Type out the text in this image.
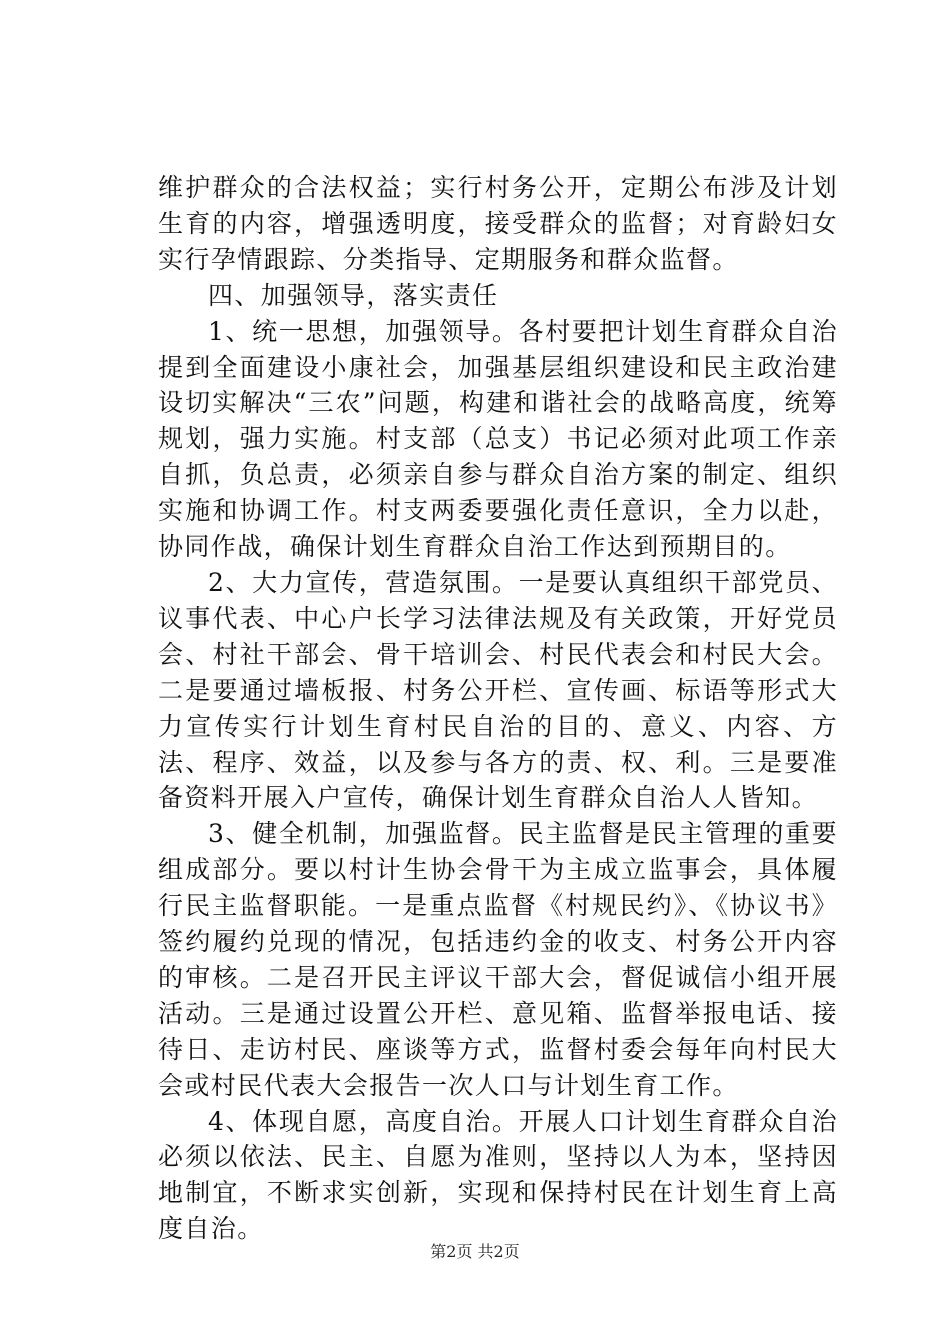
维护群众的合法权益；实行村务公开，定期公布涉及计划生育的内容，增强透明度，接受群众的监督；对育龄妇女实行孕情跟踪、分类指导、定期服务和群众监督。

四、加强领导，落实责任

1、统一思想，加强领导。各村要把计划生育群众自治提到全面建设小康社会，加强基层组织建设和民主政治建设切实解决“三农”问题，构建和谐社会的战略高度，统筹规划，强力实施。村支部（总支）书记必须对此项工作亲自抓，负总责，必须亲自参与群众自治方案的制定、组织实施和协调工作。村支两委要强化责任意识，全力以赴，协同作战，确保计划生育群众自治工作达到预期目的。

2、大力宣传，营造氛围。一是要认真组织干部党员、议事代表、中心户长学习法律法规及有关政策，开好党员会、村社干部会、骨干培训会、村民代表会和村民大会。二是要通过墙板报、村务公开栏、宣传画、标语等形式大力宣传实行计划生育村民自治的目的、意义、内容、方法、程序、效益，以及参与各方的责、权、利。三是要准备资料开展入户宣传，确保计划生育群众自治人人皆知。

3、健全机制，加强监督。民主监督是民主管理的重要组成部分。要以村计生协会骨干为主成立监事会，具体履行民主监督职能。一是重点监督《村规民约》、《协议书》签约履约兑现的情况，包括违约金的收支、村务公开内容的审核。二是召开民主评议干部大会，督促诚信小组开展活动。三是通过设置公开栏、意见箱、监督举报电话、接待日、走访村民、座谈等方式，监督村委会每年向村民大会或村民代表大会报告一次人口与计划生育工作。

4、体现自愿，高度自治。开展人口计划生育群众自治必须以依法、民主、自愿为准则，坚持以人为本，坚持因地制宜，不断求实创新，实现和保持村民在计划生育上高度自治。

第2页 共2页
